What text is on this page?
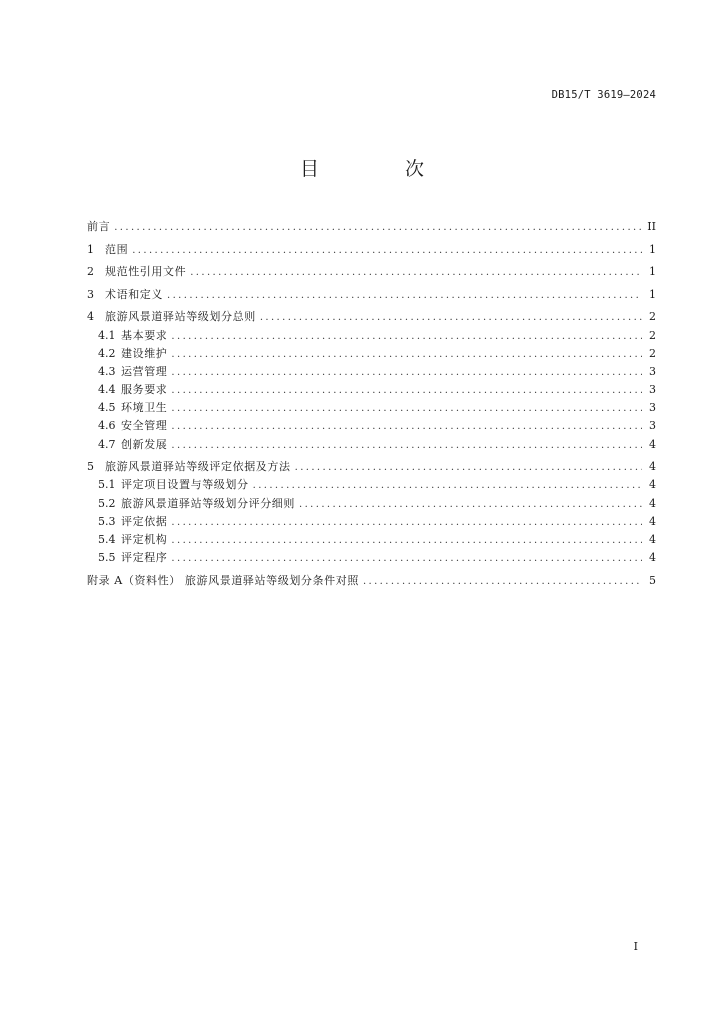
DB15/T 3619—2024
目 次
前言 .....	II
1	范围 .....	1
2	规范性引用文件 .....	1
3	术语和定义 .....	1
4	旅游风景道驿站等级划分总则 .....	2
4.1 基本要求 .....	2
4.2 建设维护 .....	2
4.3 运营管理 .....	3
4.4 服务要求 .....	3
4.5 环境卫生 .....	3
4.6 安全管理 .....	3
4.7 创新发展 .....	4
5	旅游风景道驿站等级评定依据及方法 .....	4
5.1 评定项目设置与等级划分 .....	4
5.2 旅游风景道驿站等级划分评分细则 .....	4
5.3 评定依据 .....	4
5.4 评定机构 .....	4
5.5 评定程序 .....	4
附录 A（资料性） 旅游风景道驿站等级划分条件对照 .....	5
I
